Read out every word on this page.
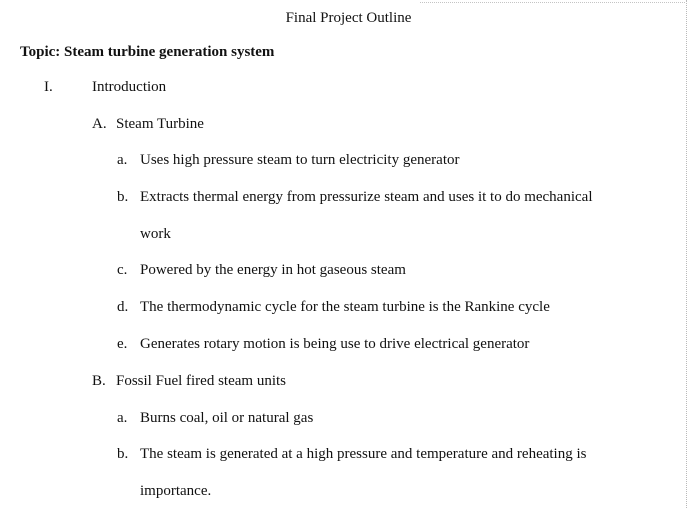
Final Project Outline
Topic: Steam turbine generation system
I.	Introduction
A. Steam Turbine
a. Uses high pressure steam to turn electricity generator
b. Extracts thermal energy from pressurize steam and uses it to do mechanical
work
c. Powered by the energy in hot gaseous steam
d. The thermodynamic cycle for the steam turbine is the Rankine cycle
e. Generates rotary motion is being use to drive electrical generator
B. Fossil Fuel fired steam units
a. Burns coal, oil or natural gas
b. The steam is generated at a high pressure and temperature and reheating is
importance.
